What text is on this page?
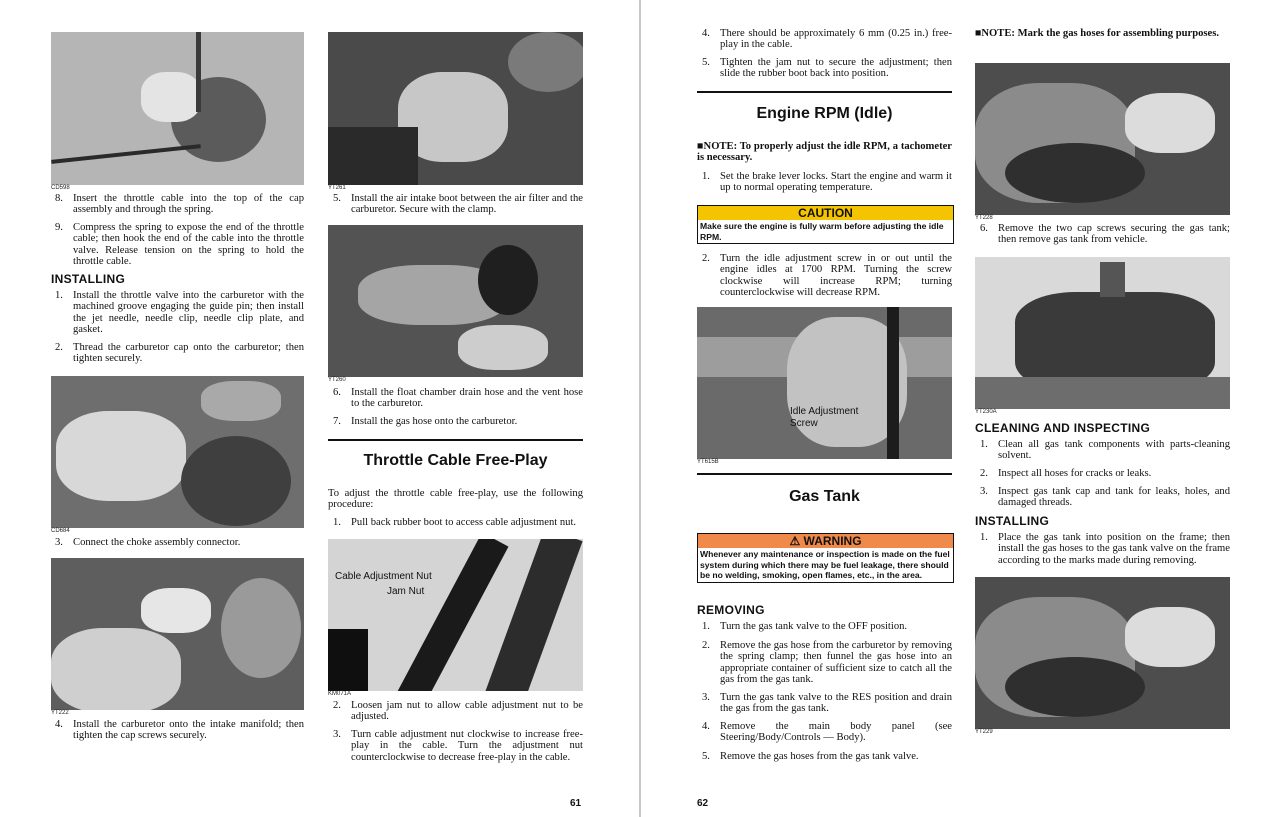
CD598
8. Insert the throttle cable into the top of the cap assembly and through the spring.
9. Compress the spring to expose the end of the throttle cable; then hook the end of the cable into the throttle valve. Release tension on the spring to hold the throttle cable.
INSTALLING
1. Install the throttle valve into the carburetor with the machined groove engaging the guide pin; then install the jet needle, needle clip, needle clip plate, and gasket.
2. Thread the carburetor cap onto the carburetor; then tighten securely.
CD684
3. Connect the choke assembly connector.
YT222
4. Install the carburetor onto the intake manifold; then tighten the cap screws securely.
YT261
5. Install the air intake boot between the air filter and the carburetor. Secure with the clamp.
YT260
6. Install the float chamber drain hose and the vent hose to the carburetor.
7. Install the gas hose onto the carburetor.
Throttle Cable Free-Play
To adjust the throttle cable free-play, use the following procedure:
1. Pull back rubber boot to access cable adjustment nut.
Cable Adjustment Nut
Jam Nut
KM071A
2. Loosen jam nut to allow cable adjustment nut to be adjusted.
3. Turn cable adjustment nut clockwise to increase free-play in the cable. Turn the adjustment nut counterclockwise to decrease free-play in the cable.
61
4. There should be approximately 6 mm (0.25 in.) free-play in the cable.
5. Tighten the jam nut to secure the adjustment; then slide the rubber boot back into position.
Engine RPM (Idle)
■NOTE: To properly adjust the idle RPM, a tachometer is necessary.
1. Set the brake lever locks. Start the engine and warm it up to normal operating temperature.
CAUTION
Make sure the engine is fully warm before adjusting the idle RPM.
2. Turn the idle adjustment screw in or out until the engine idles at 1700 RPM. Turning the screw clockwise will increase RPM; turning counterclockwise will decrease RPM.
Idle Adjustment Screw
YT615B
Gas Tank
⚠ WARNING
Whenever any maintenance or inspection is made on the fuel system during which there may be fuel leakage, there should be no welding, smoking, open flames, etc., in the area.
REMOVING
1. Turn the gas tank valve to the OFF position.
2. Remove the gas hose from the carburetor by removing the spring clamp; then funnel the gas hose into an appropriate container of sufficient size to catch all the gas from the gas tank.
3. Turn the gas tank valve to the RES position and drain the gas from the gas tank.
4. Remove the main body panel (see Steering/Body/Controls — Body).
5. Remove the gas hoses from the gas tank valve.
■NOTE: Mark the gas hoses for assembling purposes.
YT228
6. Remove the two cap screws securing the gas tank; then remove gas tank from vehicle.
YT230A
CLEANING AND INSPECTING
1. Clean all gas tank components with parts-cleaning solvent.
2. Inspect all hoses for cracks or leaks.
3. Inspect gas tank cap and tank for leaks, holes, and damaged threads.
INSTALLING
1. Place the gas tank into position on the frame; then install the gas hoses to the gas tank valve on the frame according to the marks made during removing.
YT229
62
